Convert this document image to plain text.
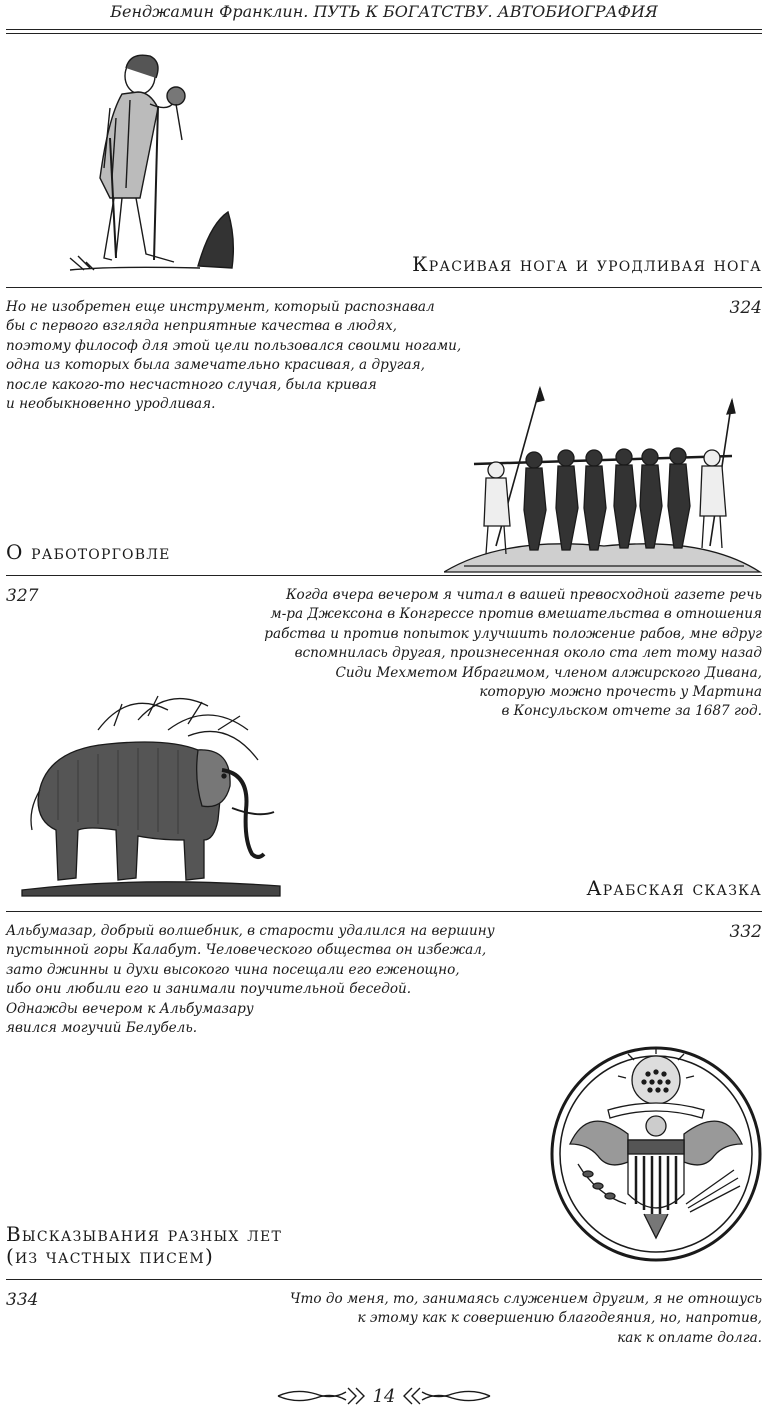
Бенджамин Франклин. ПУТЬ К БОГАТСТВУ. АВТОБИОГРАФИЯ
Красивая нога и уродливая нога
324
Но не изобретен еще инструмент, который распознавал
бы с первого взгляда неприятные качества в людях,
поэтому философ для этой цели пользовался своими ногами,
одна из которых была замечательно красивая, а другая,
после какого-то несчастного случая, была кривая
и необыкновенно уродливая.
О работорговле
327	Когда вчера вечером я читал в вашей превосходной газете речь
м-ра Джексона в Конгрессе против вмешательства в отношения
рабства и против попыток улучшить положение рабов, мне вдруг
вспомнилась другая, произнесенная около ста лет тому назад
Сиди Мехметом Ибрагимом, членом алжирского Дивана,
которую можно прочесть у Мартина
в Консульском отчете за 1687 год.
Арабская сказка
332
Альбумазар, добрый волшебник, в старости удалился на вершину
пустынной горы Калабут. Человеческого общества он избежал,
зато джинны и духи высокого чина посещали его еженощно,
ибо они любили его и занимали поучительной беседой.
Однажды вечером к Альбумазару
явился могучий Белубель.
Высказывания разных лет
(из частных писем)
334	Что до меня, то, занимаясь служением другим, я не отношусь
к этому как к совершению благодеяния, но, напротив,
как к оплате долга.
14
